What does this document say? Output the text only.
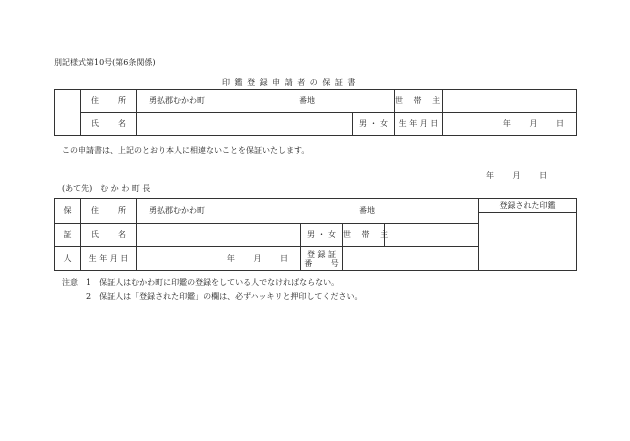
別記様式第10号(第6条関係)
印 鑑 登 録 申 請 者 の 保 証 書
	住 所	勇払郡むかわ町 番地		世 帯 主	
	氏 名		男 ・ 女	生 年 月 日	年　　 月　　 日
この申請書は、上記のとおり本人に相違ないことを保証いたします。
年　　 月　　 日
(あて先)　む か わ 町 長
保	住 所	勇払郡むかわ町 番地				登録された印鑑

証	氏 名		男 ・ 女	世 帯 主		
人	生 年 月 日	年　　 月　　 日	登 録 証
番　　 号			

注意 1　保証人はむかわ町に印鑑の登録をしている人でなければならない。
2　保証人は「登録された印鑑」の欄は、必ずハッキリと押印してください。
